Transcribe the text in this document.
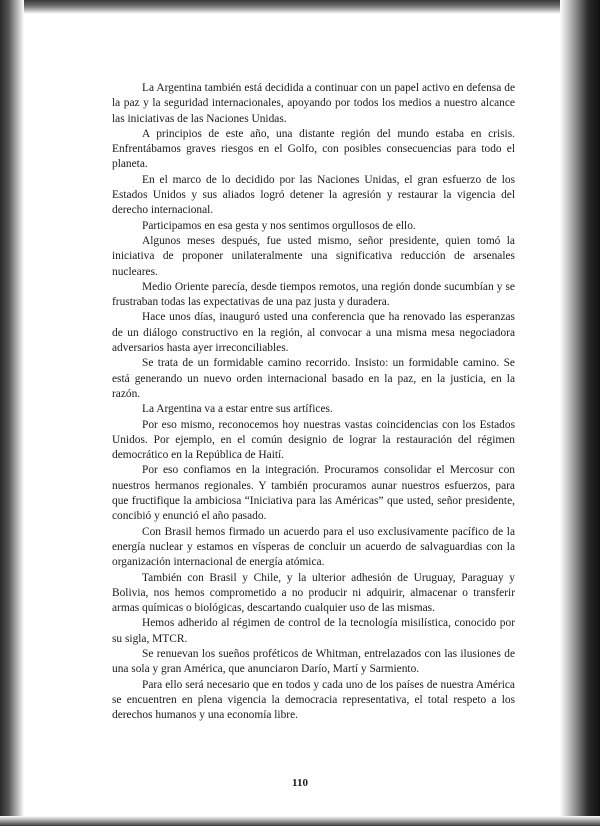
La Argentina también está decidida a continuar con un papel activo en defensa de la paz y la seguridad internacionales, apoyando por todos los medios a nuestro alcance las iniciativas de las Naciones Unidas.

A principios de este año, una distante región del mundo estaba en crisis. Enfrentábamos graves riesgos en el Golfo, con posibles consecuencias para todo el planeta.

En el marco de lo decidido por las Naciones Unidas, el gran esfuerzo de los Estados Unidos y sus aliados logró detener la agresión y restaurar la vigencia del derecho internacional.

Participamos en esa gesta y nos sentimos orgullosos de ello.

Algunos meses después, fue usted mismo, señor presidente, quien tomó la iniciativa de proponer unilateralmente una significativa reducción de arsenales nucleares.

Medio Oriente parecía, desde tiempos remotos, una región donde sucumbían y se frustraban todas las expectativas de una paz justa y duradera.

Hace unos días, inauguró usted una conferencia que ha renovado las esperanzas de un diálogo constructivo en la región, al convocar a una misma mesa negociadora adversarios hasta ayer irreconciliables.

Se trata de un formidable camino recorrido. Insisto: un formidable camino. Se está generando un nuevo orden internacional basado en la paz, en la justicia, en la razón.

La Argentina va a estar entre sus artífices.

Por eso mismo, reconocemos hoy nuestras vastas coincidencias con los Estados Unidos. Por ejemplo, en el común designio de lograr la restauración del régimen democrático en la República de Haití.

Por eso confiamos en la integración. Procuramos consolidar el Mercosur con nuestros hermanos regionales. Y también procuramos aunar nuestros esfuerzos, para que fructifique la ambiciosa “Iniciativa para las Américas” que usted, señor presidente, concibió y enunció el año pasado.

Con Brasil hemos firmado un acuerdo para el uso exclusivamente pacífico de la energía nuclear y estamos en vísperas de concluir un acuerdo de salvaguardias con la organización internacional de energía atómica.

También con Brasil y Chile, y la ulterior adhesión de Uruguay, Paraguay y Bolivia, nos hemos comprometido a no producir ni adquirir, almacenar o transferir armas químicas o biológicas, descartando cualquier uso de las mismas.

Hemos adherido al régimen de control de la tecnología misilística, conocido por su sigla, MTCR.

Se renuevan los sueños proféticos de Whitman, entrelazados con las ilusiones de una sola y gran América, que anunciaron Darío, Martí y Sarmiento.

Para ello será necesario que en todos y cada uno de los países de nuestra América se encuentren en plena vigencia la democracia representativa, el total respeto a los derechos humanos y una economía libre.

110
